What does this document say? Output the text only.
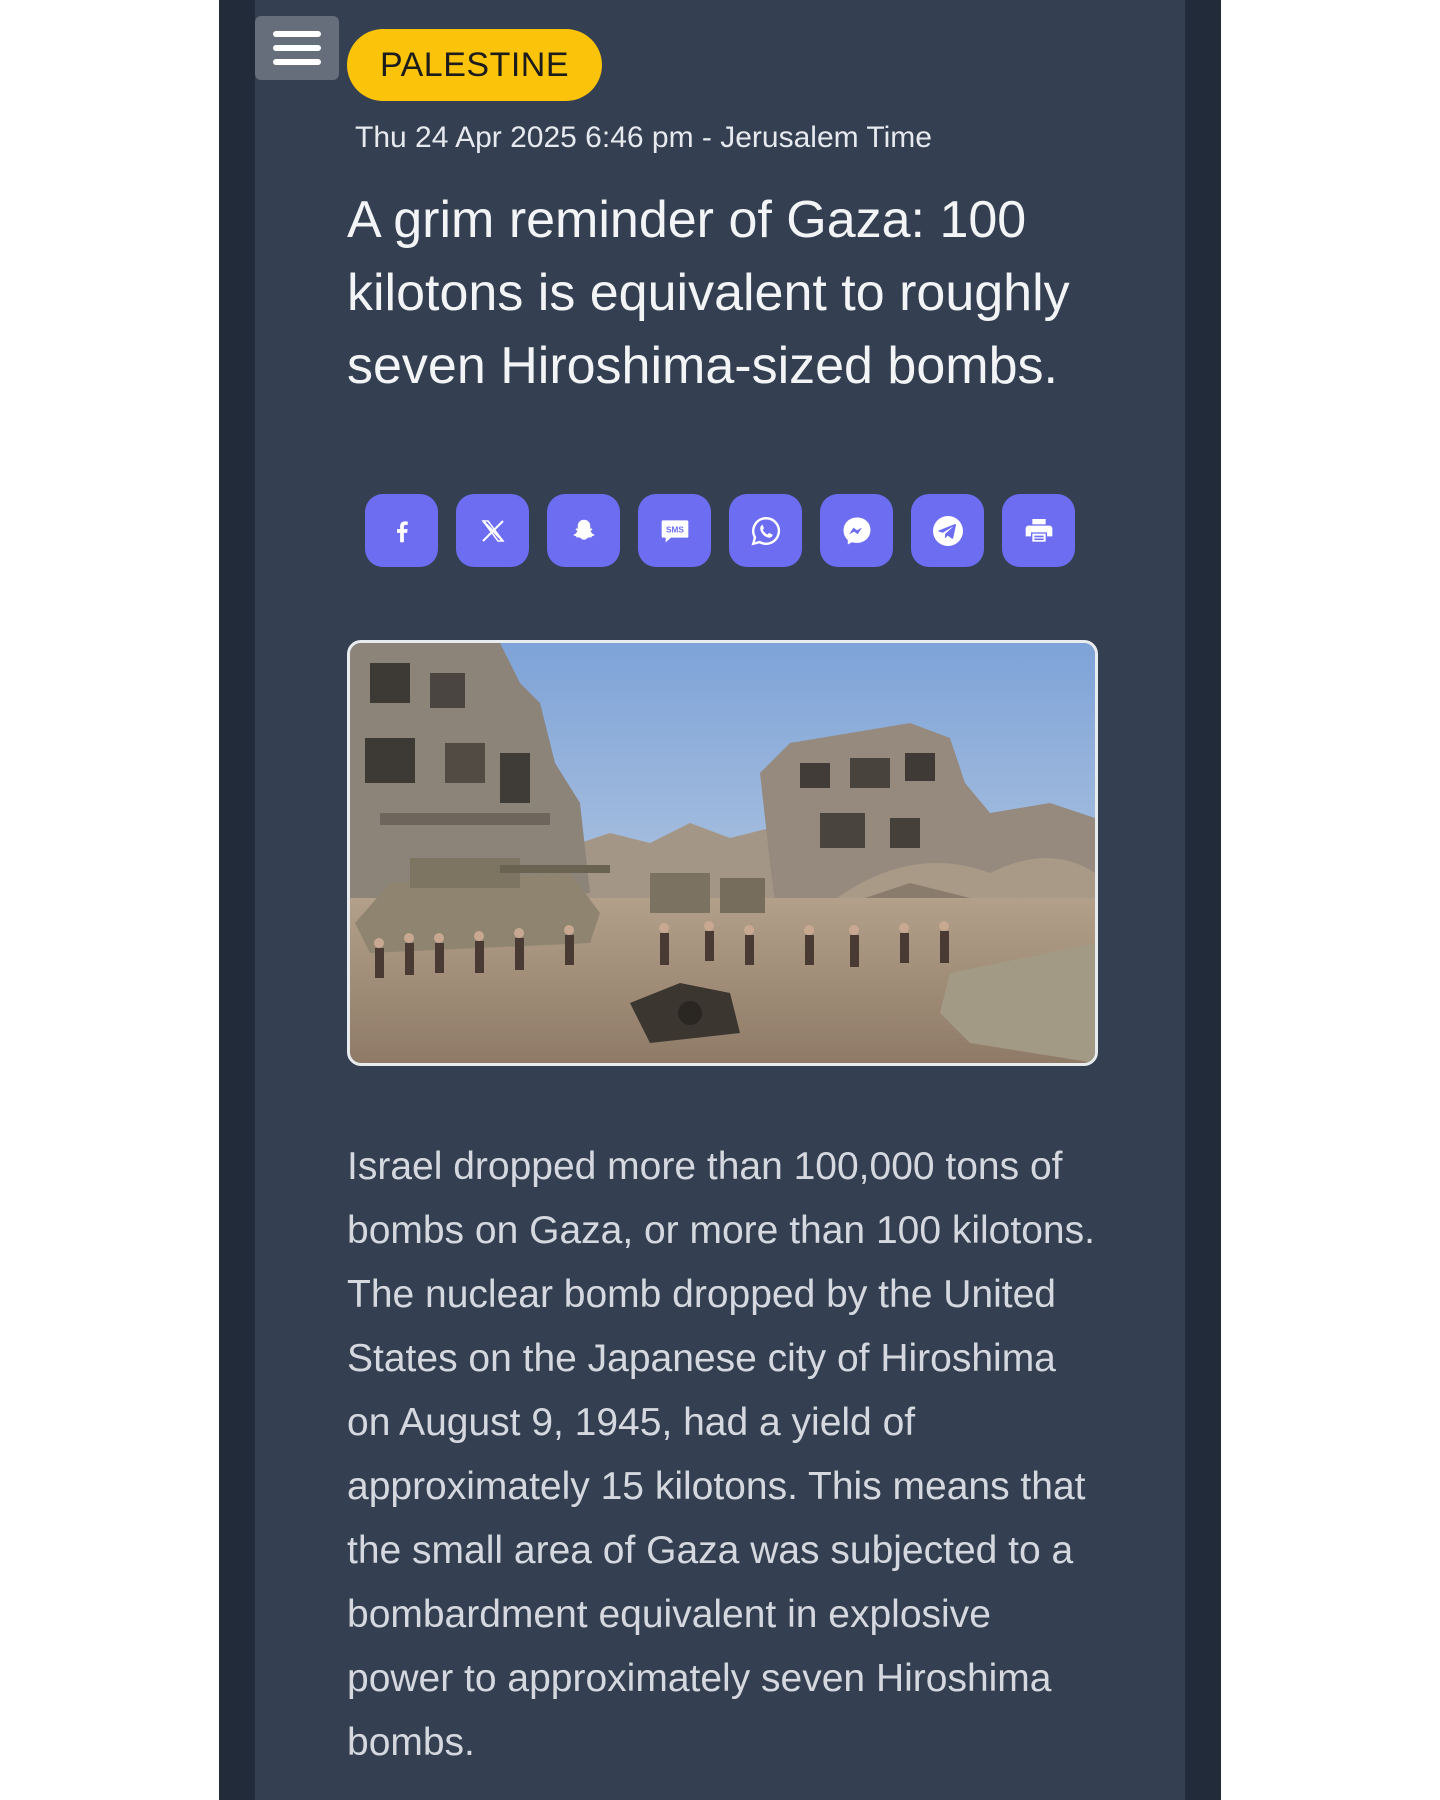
PALESTINE
Thu 24 Apr 2025 6:46 pm - Jerusalem Time
A grim reminder of Gaza: 100 kilotons is equivalent to roughly seven Hiroshima-sized bombs.
SMS

Israel dropped more than 100,000 tons of bombs on Gaza, or more than 100 kilotons. The nuclear bomb dropped by the United States on the Japanese city of Hiroshima on August 9, 1945, had a yield of approximately 15 kilotons. This means that the small area of Gaza was subjected to a bombardment equivalent in explosive power to approximately seven Hiroshima bombs.
